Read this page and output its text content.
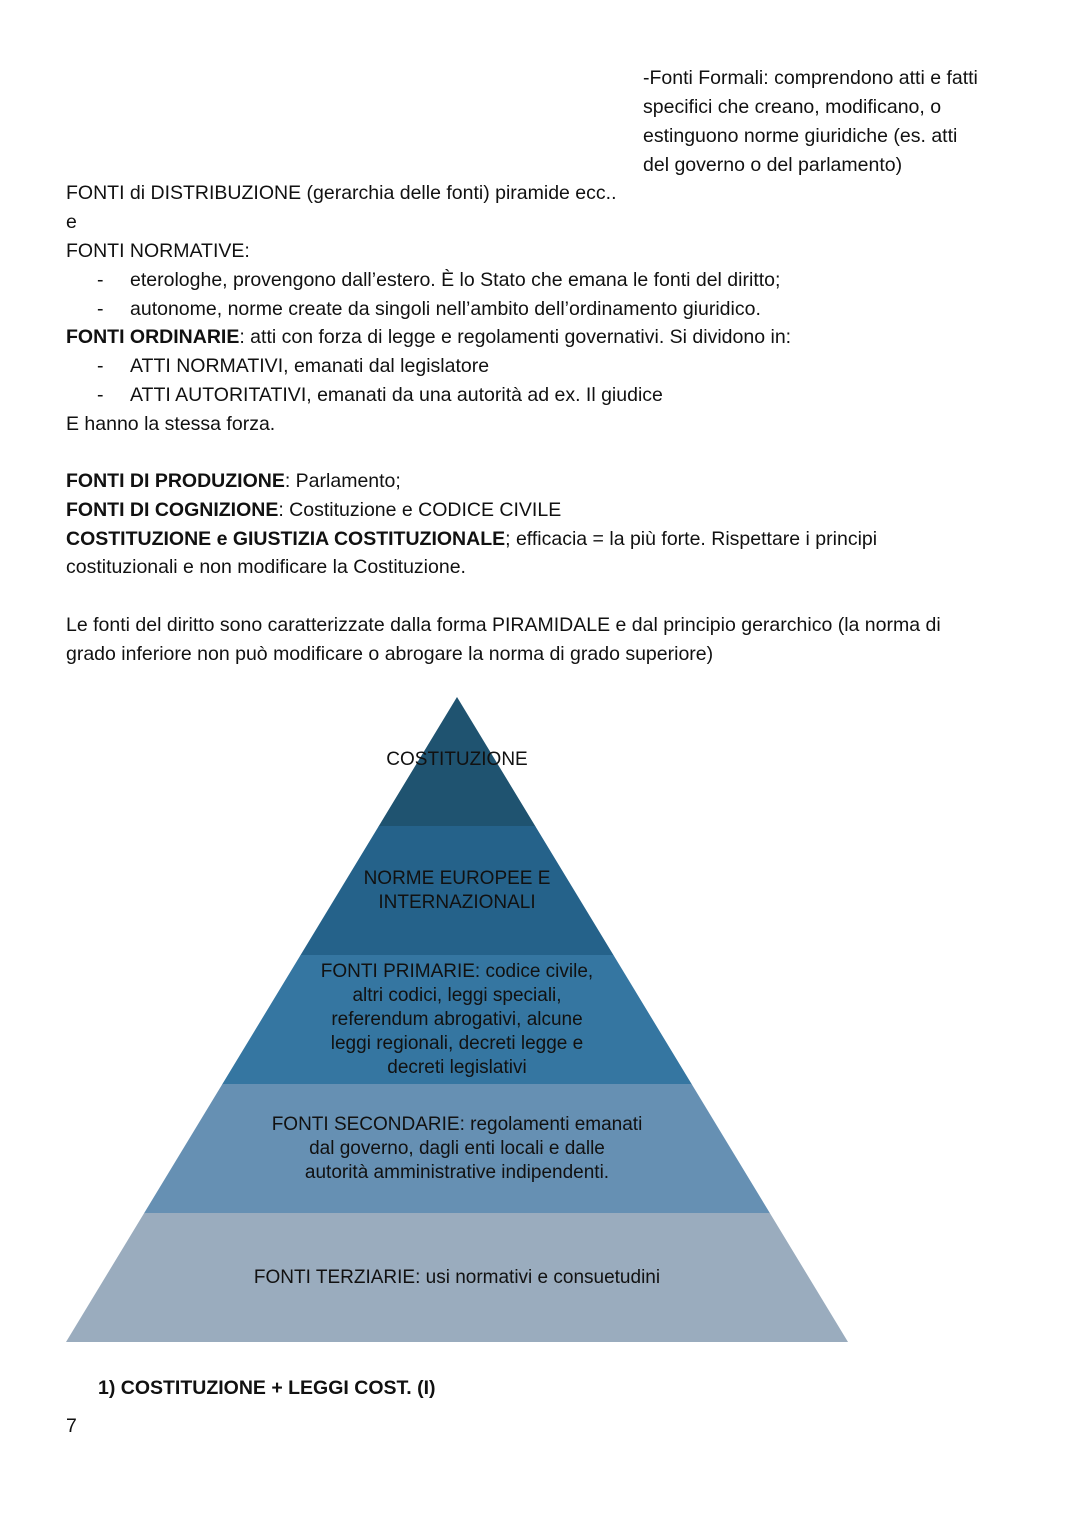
-Fonti Formali: comprendono atti e fatti
specifici che creano, modificano, o
estinguono norme giuridiche (es. atti
del governo o del parlamento)
FONTI di DISTRIBUZIONE (gerarchia delle fonti) piramide ecc..
e
FONTI NORMATIVE:
- eterologhe, provengono dall’estero. È lo Stato che emana le fonti del diritto;
- autonome, norme create da singoli nell’ambito dell’ordinamento giuridico.
FONTI ORDINARIE: atti con forza di legge e regolamenti governativi. Si dividono in:
- ATTI NORMATIVI, emanati dal legislatore
- ATTI AUTORITATIVI, emanati da una autorità ad ex. Il giudice
E hanno la stessa forza.
FONTI DI PRODUZIONE: Parlamento;
FONTI DI COGNIZIONE: Costituzione e CODICE CIVILE
COSTITUZIONE e GIUSTIZIA COSTITUZIONALE; efficacia = la più forte. Rispettare i principi
costituzionali e non modificare la Costituzione.
Le fonti del diritto sono caratterizzate dalla forma PIRAMIDALE e dal principio gerarchico (la norma di
grado inferiore non può modificare o abrogare la norma di grado superiore)
COSTITUZIONE
NORME EUROPEE E
INTERNAZIONALI
FONTI PRIMARIE: codice civile,
altri codici, leggi speciali,
referendum abrogativi, alcune
leggi regionali, decreti legge e
decreti legislativi
FONTI SECONDARIE: regolamenti emanati
dal governo, dagli enti locali e dalle
autorità amministrative indipendenti.
FONTI TERZIARIE: usi normativi e consuetudini
1) COSTITUZIONE + LEGGI COST. (I)
7
